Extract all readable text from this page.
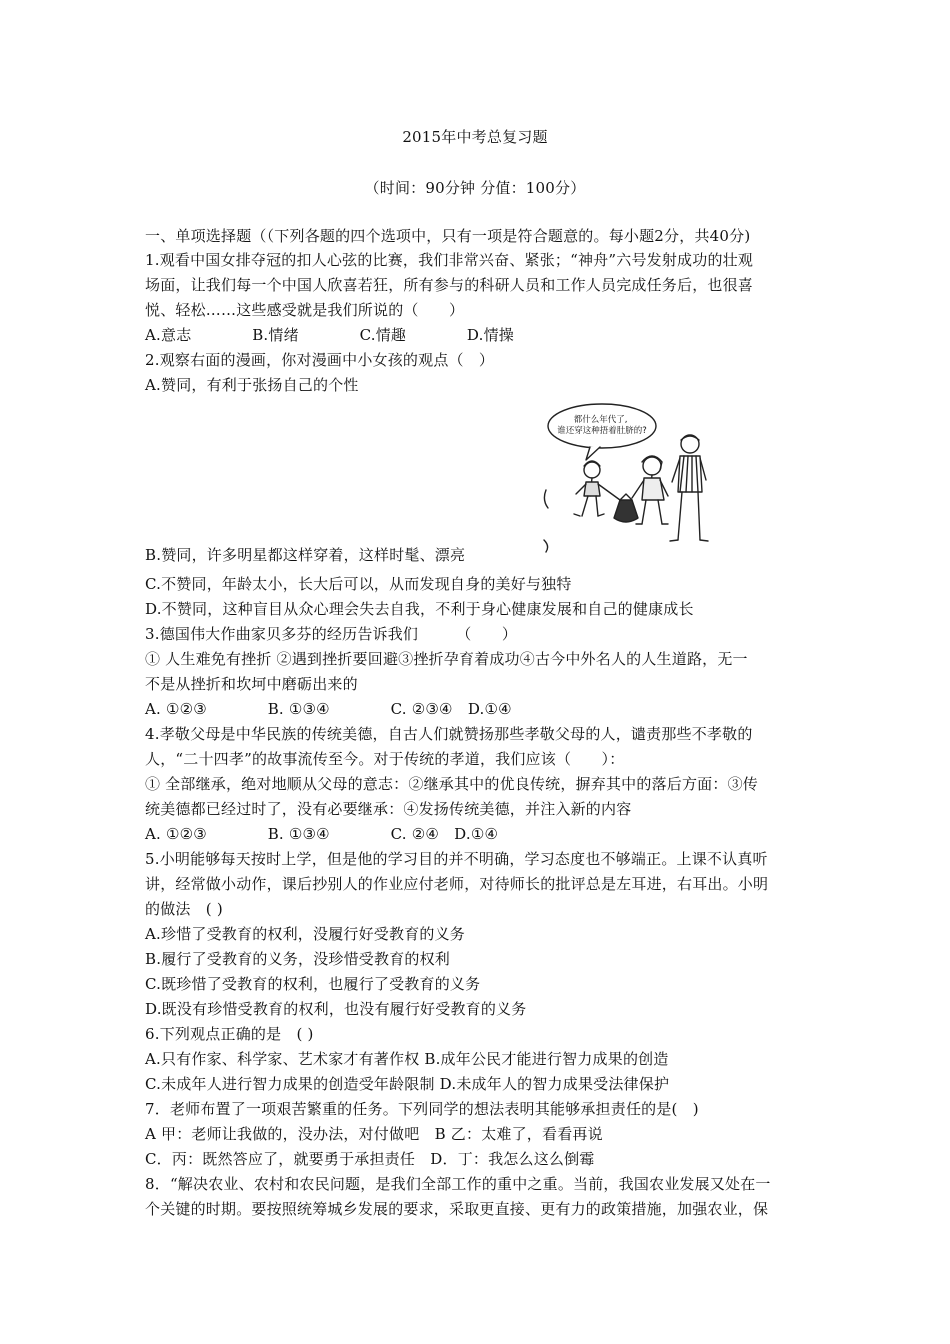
2015年中考总复习题
（时间：90分钟 分值：100分）
一、单项选择题（（下列各题的四个选项中，只有一项是符合题意的。每小题2分，共40分)
1.观看中国女排夺冠的扣人心弦的比赛，我们非常兴奋、紧张；“神舟”六号发射成功的壮观
场面，让我们每一个中国人欣喜若狂，所有参与的科研人员和工作人员完成任务后，也很喜
悦、轻松……这些感受就是我们所说的（　　）
A.意志　　　　B.情绪　　　　C.情趣　　　　D.情操
2.观察右面的漫画，你对漫画中小女孩的观点（　）
A.赞同，有利于张扬自己的个性
都什么年代了, 谁还穿这种捂着肚脐的?
B.赞同，许多明星都这样穿着，这样时髦、漂亮
C.不赞同，年龄太小，长大后可以，从而发现自身的美好与独特
D.不赞同，这种盲目从众心理会失去自我，不利于身心健康发展和自己的健康成长
3.德国伟大作曲家贝多芬的经历告诉我们　　　（　　）
① 人生难免有挫折 ②遇到挫折要回避③挫折孕育着成功④古今中外名人的人生道路，无一
不是从挫折和坎坷中磨砺出来的
A. ①②③　　　　B. ①③④　　　　C. ②③④　D.①④
4.孝敬父母是中华民族的传统美德，自古人们就赞扬那些孝敬父母的人，谴责那些不孝敬的
人，“二十四孝”的故事流传至今。对于传统的孝道，我们应该（　　）：
① 全部继承，绝对地顺从父母的意志：②继承其中的优良传统，摒弃其中的落后方面：③传
统美德都已经过时了，没有必要继承：④发扬传统美德，并注入新的内容
A. ①②③　　　　B. ①③④　　　　C. ②④　D.①④
5.小明能够每天按时上学，但是他的学习目的并不明确，学习态度也不够端正。上课不认真听
讲，经常做小动作，课后抄别人的作业应付老师，对待师长的批评总是左耳进，右耳出。小明
的做法　( )
A.珍惜了受教育的权利，没履行好受教育的义务
B.履行了受教育的义务，没珍惜受教育的权利
C.既珍惜了受教育的权利，也履行了受教育的义务
D.既没有珍惜受教育的权利，也没有履行好受教育的义务
6.下列观点正确的是　( )
A.只有作家、科学家、艺术家才有著作权 B.成年公民才能进行智力成果的创造
C.未成年人进行智力成果的创造受年龄限制 D.未成年人的智力成果受法律保护
7．老师布置了一项艰苦繁重的任务。下列同学的想法表明其能够承担责任的是(　)
A 甲：老师让我做的，没办法，对付做吧　B 乙：太难了，看看再说
C．丙：既然答应了，就要勇于承担责任　D．丁：我怎么这么倒霉
8．“解决农业、农村和农民问题，是我们全部工作的重中之重。当前，我国农业发展又处在一
个关键的时期。要按照统筹城乡发展的要求，采取更直接、更有力的政策措施，加强农业，保
